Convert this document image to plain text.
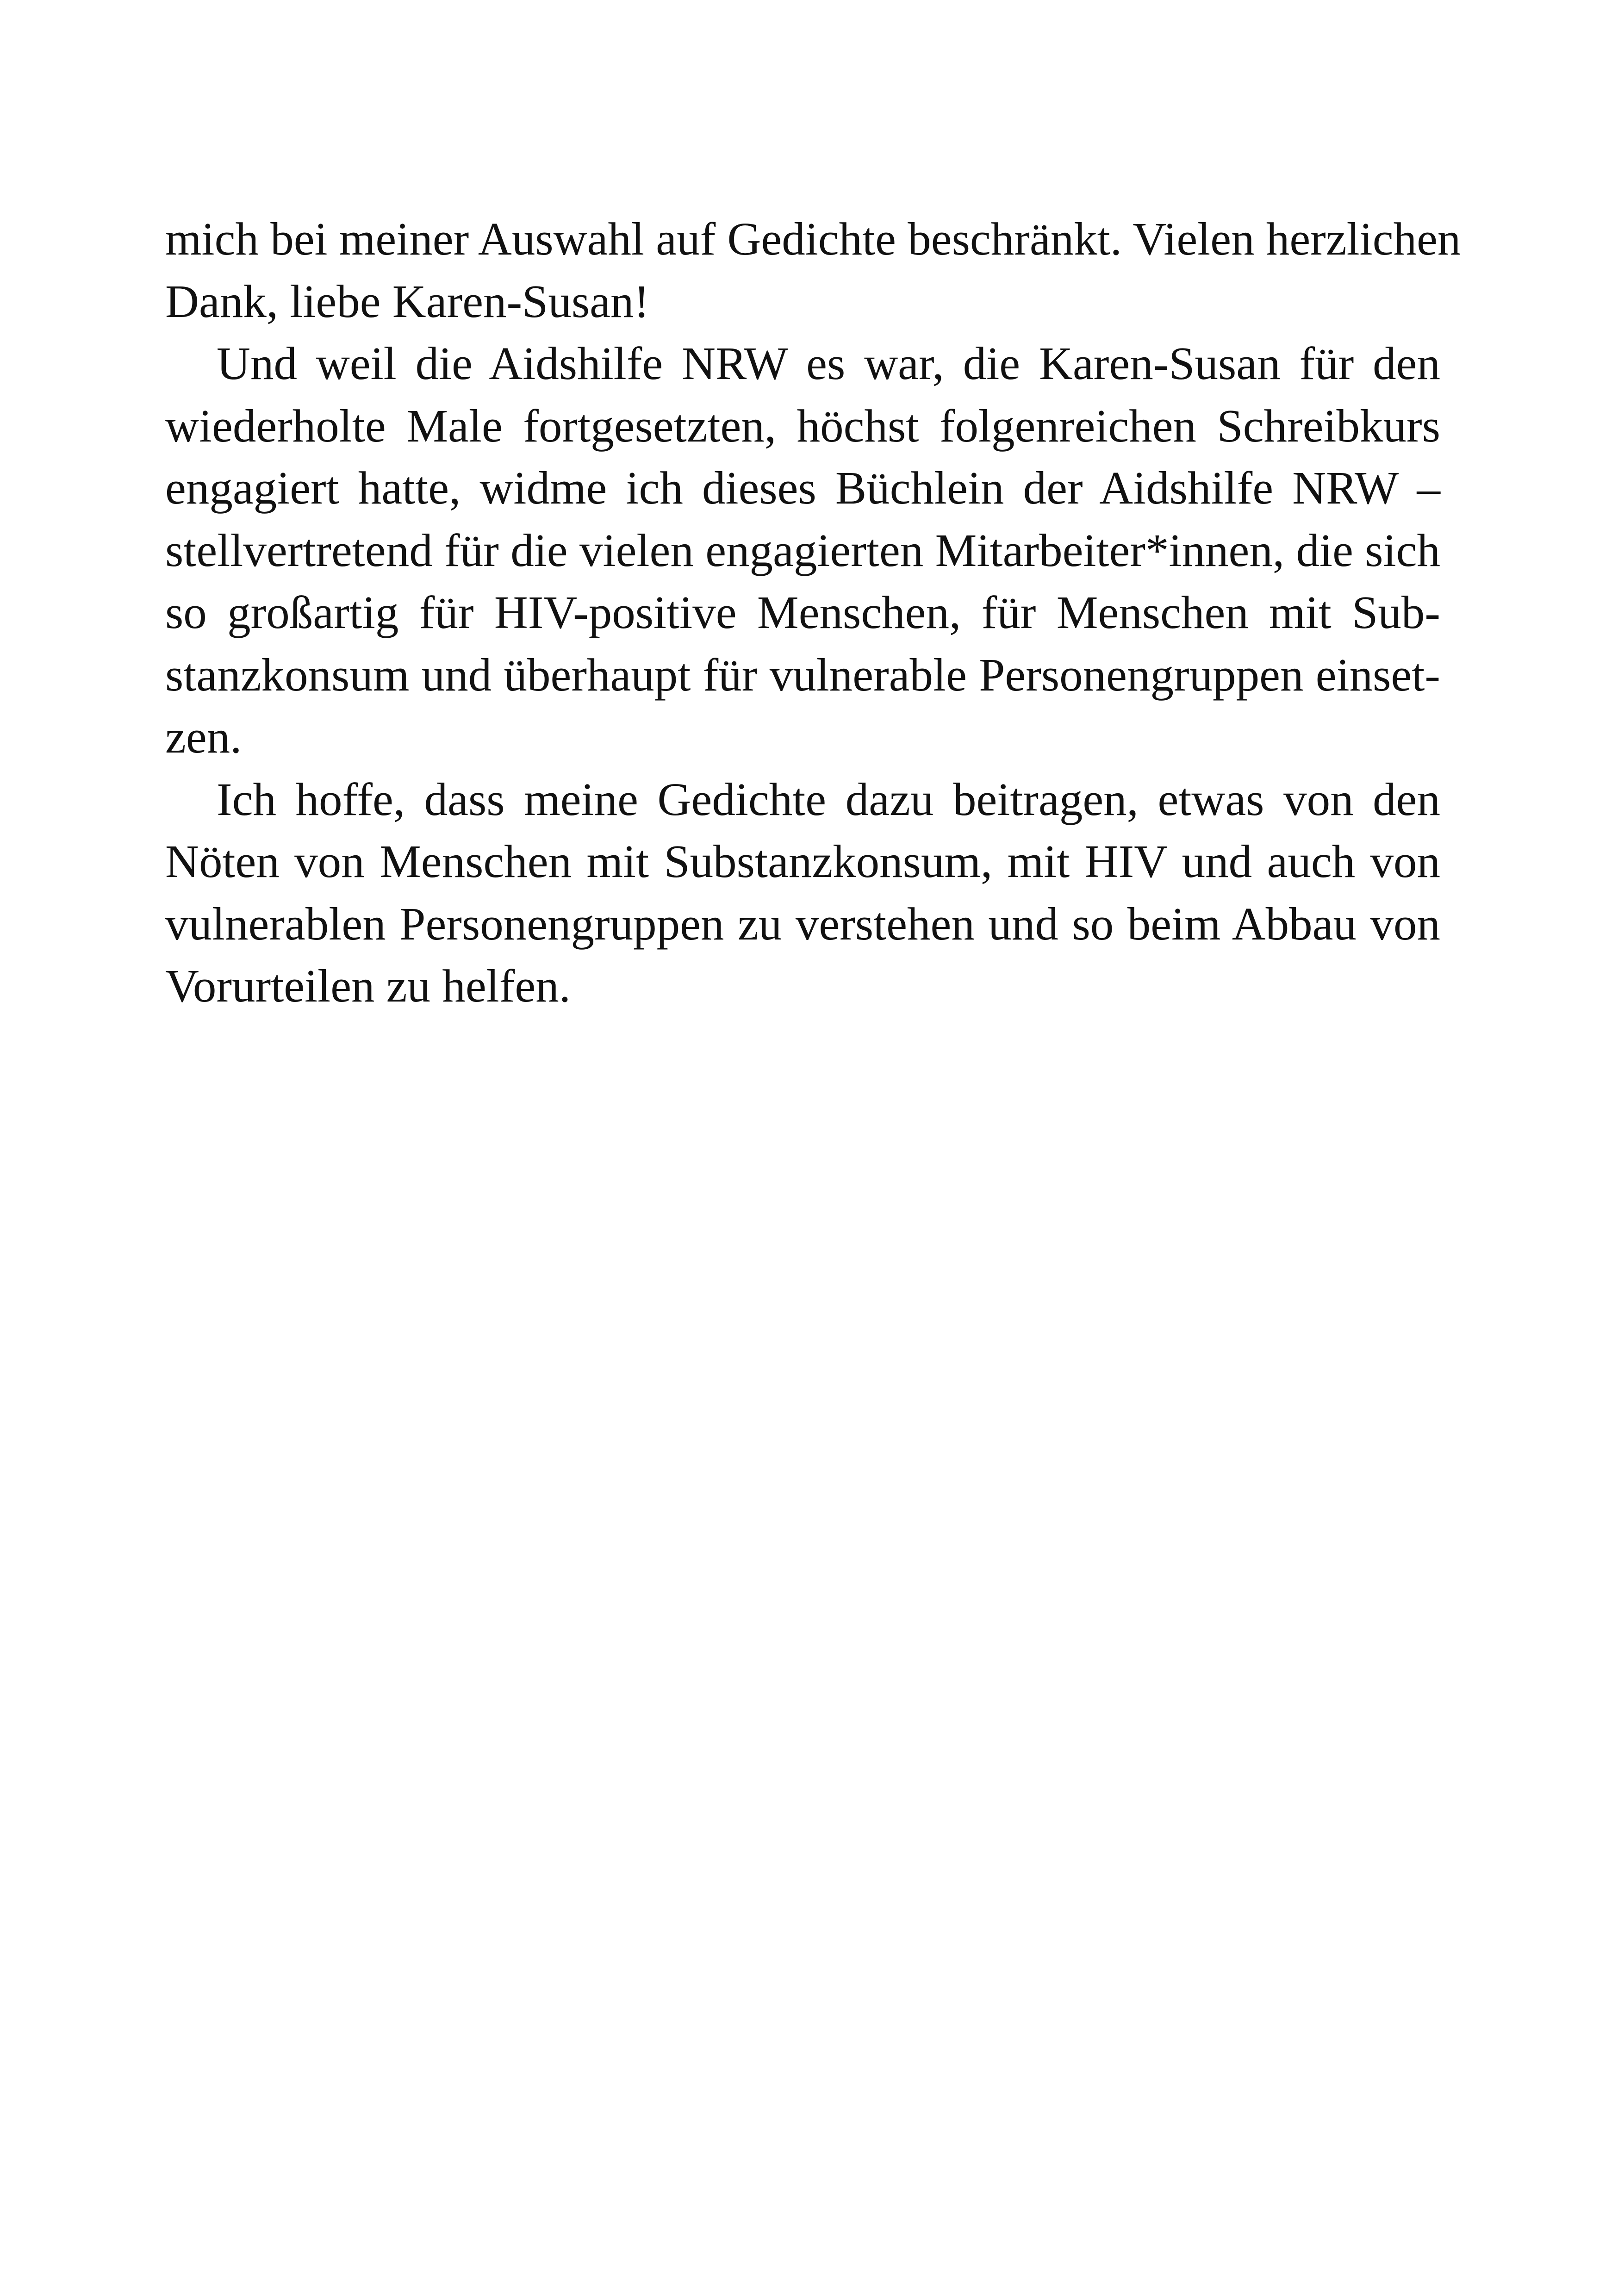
mich bei meiner Auswahl auf Gedichte beschränkt. Vielen herzlichen
Dank, liebe Karen-Susan!
Und weil die Aidshilfe NRW es war, die Karen-Susan für den
wiederholte Male fortgesetzten, höchst folgenreichen Schreibkurs
engagiert hatte, widme ich dieses Büchlein der Aidshilfe NRW –
stellvertretend für die vielen engagierten Mitarbeiter*innen, die sich
so großartig für HIV-positive Menschen, für Menschen mit Sub-
stanzkonsum und überhaupt für vulnerable Personengruppen einset-
zen.
Ich hoffe, dass meine Gedichte dazu beitragen, etwas von den
Nöten von Menschen mit Substanzkonsum, mit HIV und auch von
vulnerablen Personengruppen zu verstehen und so beim Abbau von
Vorurteilen zu helfen.
